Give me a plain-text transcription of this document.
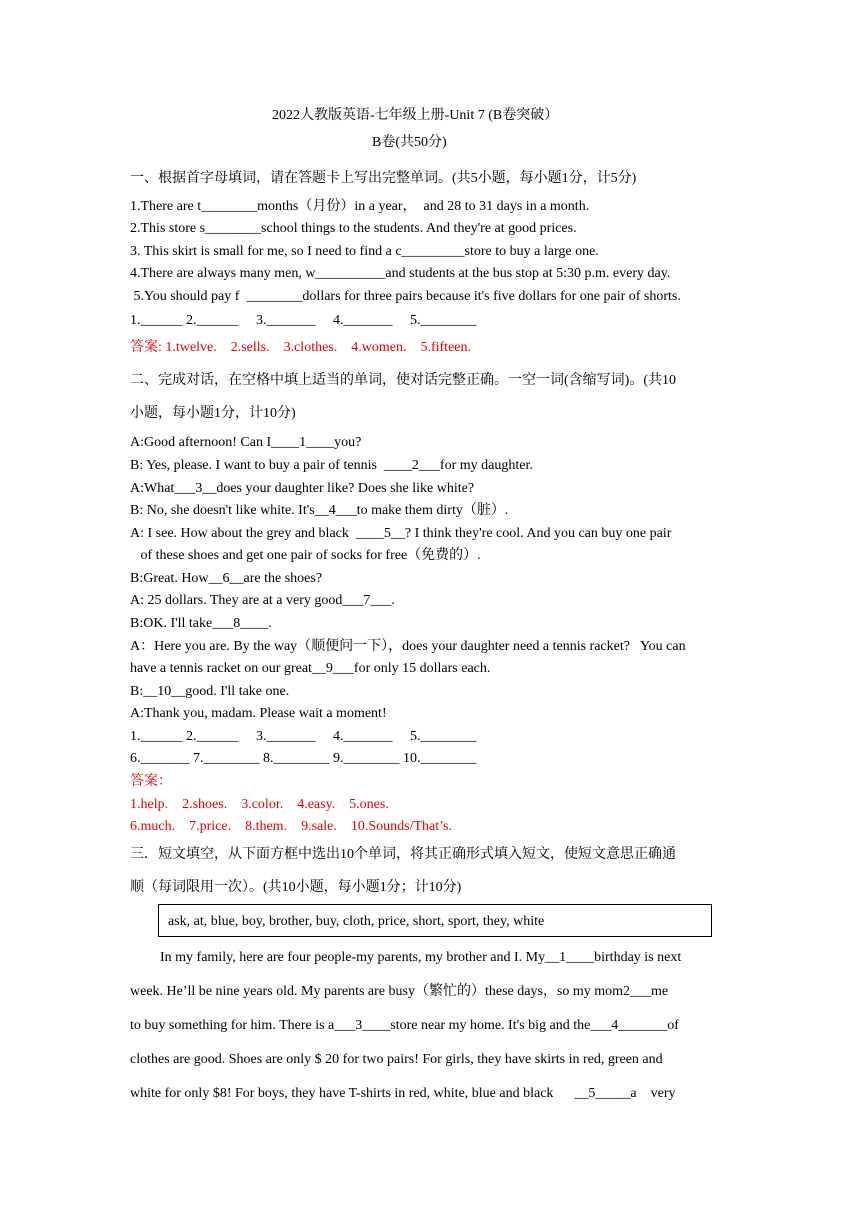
2022人教版英语-七年级上册-Unit 7 (B卷突破）
B卷(共50分)
一、根据首字母填词，请在答题卡上写出完整单词。(共5小题，每小题1分，计5分)
1.There are t________months（月份）in a year，  and 28 to 31 days in a month.
2.This store s________school things to the students. And they're at good prices.
3. This skirt is small for me, so I need to find a c_________store to buy a large one.
4.There are always many men, w__________and students at the bus stop at 5:30 p.m. every day.
5.You should pay f  ________dollars for three pairs because it's five dollars for one pair of shorts.
1.______ 2.______     3._______     4._______     5.________
答案: 1.twelve.    2.sells.    3.clothes.    4.women.    5.fifteen.
二、完成对话，在空格中填上适当的单词，使对话完整正确。一空一词(含缩写词)。(共10
小题，每小题1分，计10分)
A:Good afternoon! Can I____1____you?
B: Yes, please. I want to buy a pair of tennis  ____2___for my daughter.
A:What___3__does your daughter like? Does she like white?
B: No, she doesn't like white. It's__4___to make them dirty（脏）.
A: I see. How about the grey and black  ____5__? I think they're cool. And you can buy one pair
of these shoes and get one pair of socks for free（免费的）.
B:Great. How__6__are the shoes?
A: 25 dollars. They are at a very good___7___.
B:OK. I'll take___8____.
A：Here you are. By the way（顺便问一下），does your daughter need a tennis racket?   You can
have a tennis racket on our great__9___for only 15 dollars each.
B:__10__good. I'll take one.
A:Thank you, madam. Please wait a moment!
1.______ 2.______     3._______     4._______     5.________
6._______ 7.________ 8.________ 9.________ 10.________
答案：
1.help.    2.shoes.    3.color.    4.easy.    5.ones.
6.much.    7.price.    8.them.    9.sale.    10.Sounds/That’s.
三．短文填空，从下面方框中选出10个单词，将其正确形式填入短文，使短文意思正确通
顺（每词限用一次）。(共10小题，每小题1分；计10分)
ask, at, blue, boy, brother, buy, cloth, price, short, sport, they, white
In my family, here are four people-my parents, my brother and I. My__1____birthday is next
week. He’ll be nine years old. My parents are busy（繁忙的）these days，so my mom2___me
to buy something for him. There is a___3____store near my home. It's big and the___4_______of
clothes are good. Shoes are only $ 20 for two pairs! For girls, they have skirts in red, green and
white for only $8! For boys, they have T-shirts in red, white, blue and black      __5_____a    very
